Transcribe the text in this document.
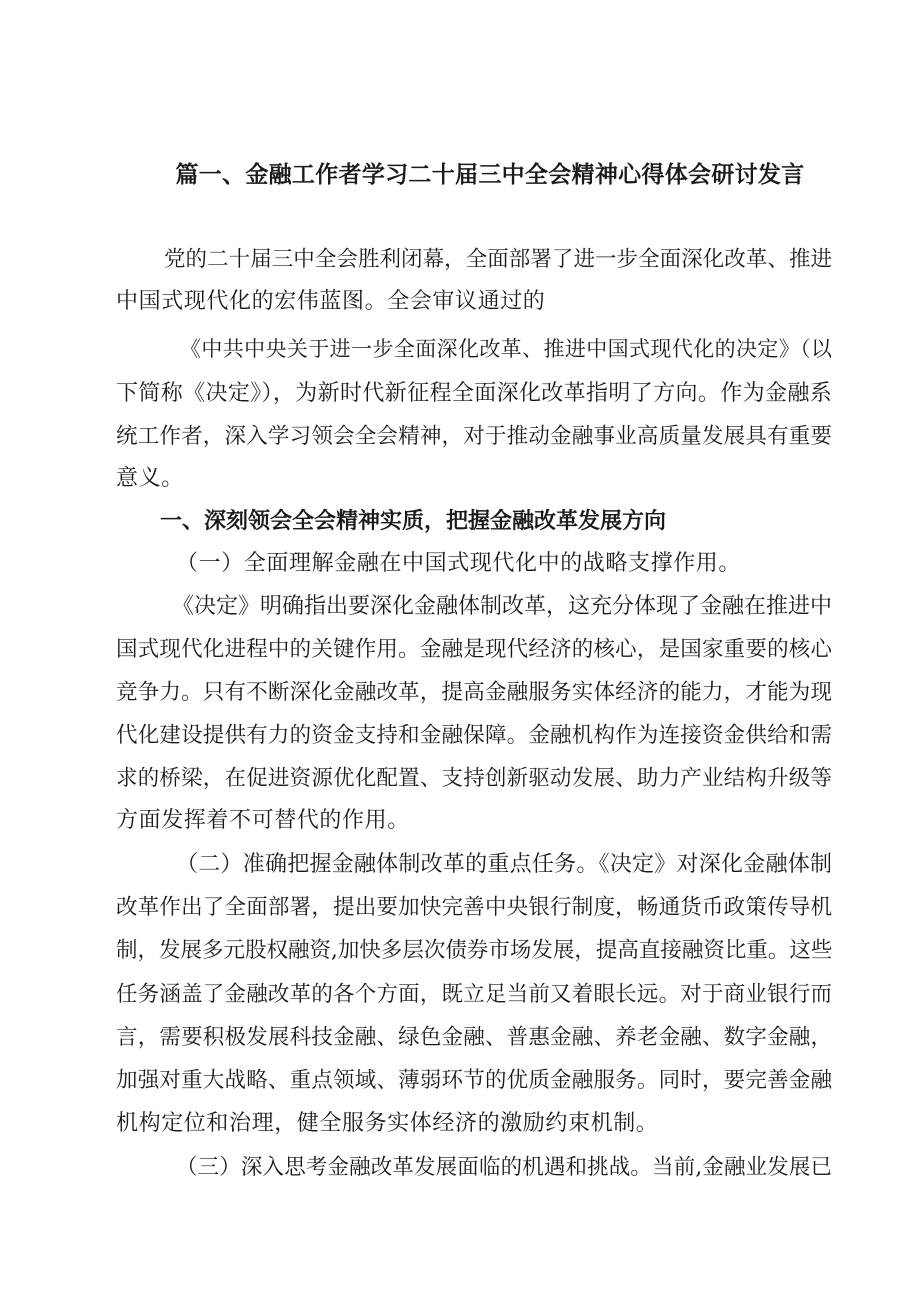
篇一、金融工作者学习二十届三中全会精神心得体会研讨发言
党的二十届三中全会胜利闭幕，全面部署了进一步全面深化改革、推进
中国式现代化的宏伟蓝图。全会审议通过的
《中共中央关于进一步全面深化改革、推进中国式现代化的决定》（以
下简称《决定》），为新时代新征程全面深化改革指明了方向。作为金融系
统工作者，深入学习领会全会精神，对于推动金融事业高质量发展具有重要
意义。
一、深刻领会全会精神实质，把握金融改革发展方向
（一）全面理解金融在中国式现代化中的战略支撑作用。
《决定》明确指出要深化金融体制改革，这充分体现了金融在推进中
国式现代化进程中的关键作用。金融是现代经济的核心，是国家重要的核心
竞争力。只有不断深化金融改革，提高金融服务实体经济的能力，才能为现
代化建设提供有力的资金支持和金融保障。金融机构作为连接资金供给和需
求的桥梁，在促进资源优化配置、支持创新驱动发展、助力产业结构升级等
方面发挥着不可替代的作用。
（二）准确把握金融体制改革的重点任务。《决定》对深化金融体制
改革作出了全面部署，提出要加快完善中央银行制度，畅通货币政策传导机
制，发展多元股权融资,加快多层次债券市场发展，提高直接融资比重。这些
任务涵盖了金融改革的各个方面，既立足当前又着眼长远。对于商业银行而
言，需要积极发展科技金融、绿色金融、普惠金融、养老金融、数字金融，
加强对重大战略、重点领域、薄弱环节的优质金融服务。同时，要完善金融
机构定位和治理，健全服务实体经济的激励约束机制。
（三）深入思考金融改革发展面临的机遇和挑战。当前,金融业发展已
